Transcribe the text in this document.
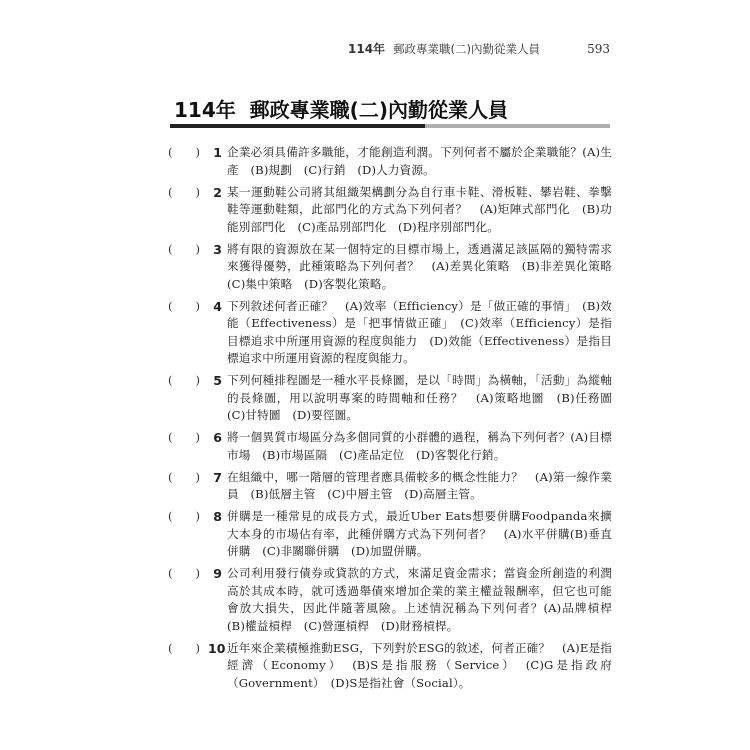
114年 郵政專業職(二)內勤從業人員	593
114年  郵政專業職(二)內勤從業人員
( )	1 企業必須具備許多職能，才能創造利潤。下列何者不屬於企業職能？(A)生產　(B)規劃　(C)行銷　(D)人力資源。
( )	2 某一運動鞋公司將其組織架構劃分為自行車卡鞋、滑板鞋、攀岩鞋、拳擊鞋等運動鞋類，此部門化的方式為下列何者？　(A)矩陣式部門化　(B)功能別部門化　(C)產品別部門化　(D)程序別部門化。
( )	3 將有限的資源放在某一個特定的目標市場上，透過滿足該區隔的獨特需求來獲得優勢，此種策略為下列何者？　(A)差異化策略　(B)非差異化策略　(C)集中策略　(D)客製化策略。
( )	4 下列敘述何者正確？　(A)效率（Efficiency）是「做正確的事情」　(B)效能（Effectiveness）是「把事情做正確」　(C)效率（Efficiency）是指目標追求中所運用資源的程度與能力　(D)效能（Effectiveness）是指目標追求中所運用資源的程度與能力。
( )	5 下列何種排程圖是一種水平長條圖，是以「時間」為橫軸，「活動」為縱軸的長條圖，用以說明專案的時間軸和任務？　(A)策略地圖　(B)任務圖　(C)甘特圖　(D)要徑圖。
( )	6 將一個異質市場區分為多個同質的小群體的過程，稱為下列何者？(A)目標市場　(B)市場區隔　(C)產品定位　(D)客製化行銷。
( )	7 在組織中，哪一階層的管理者應具備較多的概念性能力？　(A)第一線作業員　(B)低層主管　(C)中層主管　(D)高層主管。
( )	8 併購是一種常見的成長方式，最近Uber Eats想要併購Foodpanda來擴大本身的市場佔有率，此種併購方式為下列何者？　(A)水平併購(B)垂直併購　(C)非關聯併購　(D)加盟併購。
( )	9 公司利用發行債券或貸款的方式，來滿足資金需求；當資金所創造的利潤高於其成本時，就可透過舉債來增加企業的業主權益報酬率，但它也可能會放大損失，因此伴隨著風險。上述情況稱為下列何者？(A)品牌槓桿　(B)權益槓桿　(C)營運槓桿　(D)財務槓桿。
( ) 10 近年來企業積極推動ESG，下列對於ESG的敘述，何者正確？　(A)E是指經濟（Economy）　(B)S是指服務（Service）　(C)G是指政府（Government）　(D)S是指社會（Social）。
